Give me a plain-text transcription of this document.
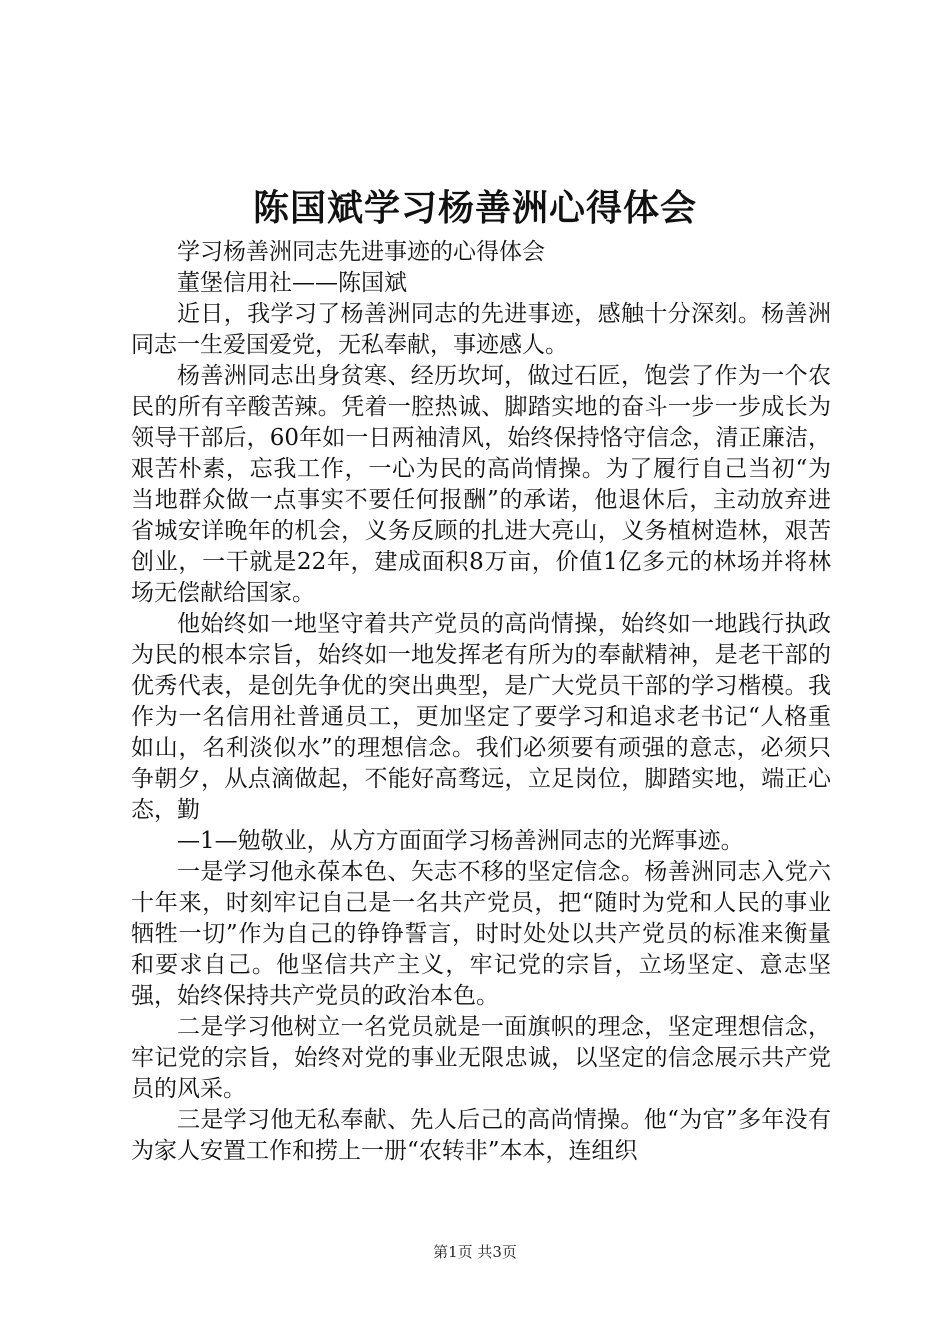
陈国斌学习杨善洲心得体会

学习杨善洲同志先进事迹的心得体会

董堡信用社——陈国斌

近日，我学习了杨善洲同志的先进事迹，感触十分深刻。杨善洲同志一生爱国爱党，无私奉献，事迹感人。

杨善洲同志出身贫寒、经历坎坷，做过石匠，饱尝了作为一个农民的所有辛酸苦辣。凭着一腔热诚、脚踏实地的奋斗一步一步成长为领导干部后，60年如一日两袖清风，始终保持恪守信念，清正廉洁，艰苦朴素，忘我工作，一心为民的高尚情操。为了履行自己当初“为当地群众做一点事实不要任何报酬”的承诺，他退休后，主动放弃进省城安详晚年的机会，义务反顾的扎进大亮山，义务植树造林，艰苦创业，一干就是22年，建成面积8万亩，价值1亿多元的林场并将林场无偿献给国家。

他始终如一地坚守着共产党员的高尚情操，始终如一地践行执政为民的根本宗旨，始终如一地发挥老有所为的奉献精神，是老干部的优秀代表，是创先争优的突出典型，是广大党员干部的学习楷模。我作为一名信用社普通员工，更加坚定了要学习和追求老书记“人格重如山，名利淡似水”的理想信念。我们必须要有顽强的意志，必须只争朝夕，从点滴做起，不能好高骛远，立足岗位，脚踏实地，端正心态，勤

—1—勉敬业，从方方面面学习杨善洲同志的光辉事迹。

一是学习他永葆本色、矢志不移的坚定信念。杨善洲同志入党六十年来，时刻牢记自己是一名共产党员，把“随时为党和人民的事业牺牲一切”作为自己的铮铮誓言，时时处处以共产党员的标准来衡量和要求自己。他坚信共产主义，牢记党的宗旨，立场坚定、意志坚强，始终保持共产党员的政治本色。

二是学习他树立一名党员就是一面旗帜的理念，坚定理想信念，牢记党的宗旨，始终对党的事业无限忠诚，以坚定的信念展示共产党员的风采。

三是学习他无私奉献、先人后己的高尚情操。他“为官”多年没有为家人安置工作和捞上一册“农转非”本本，连组织

第1页 共3页
